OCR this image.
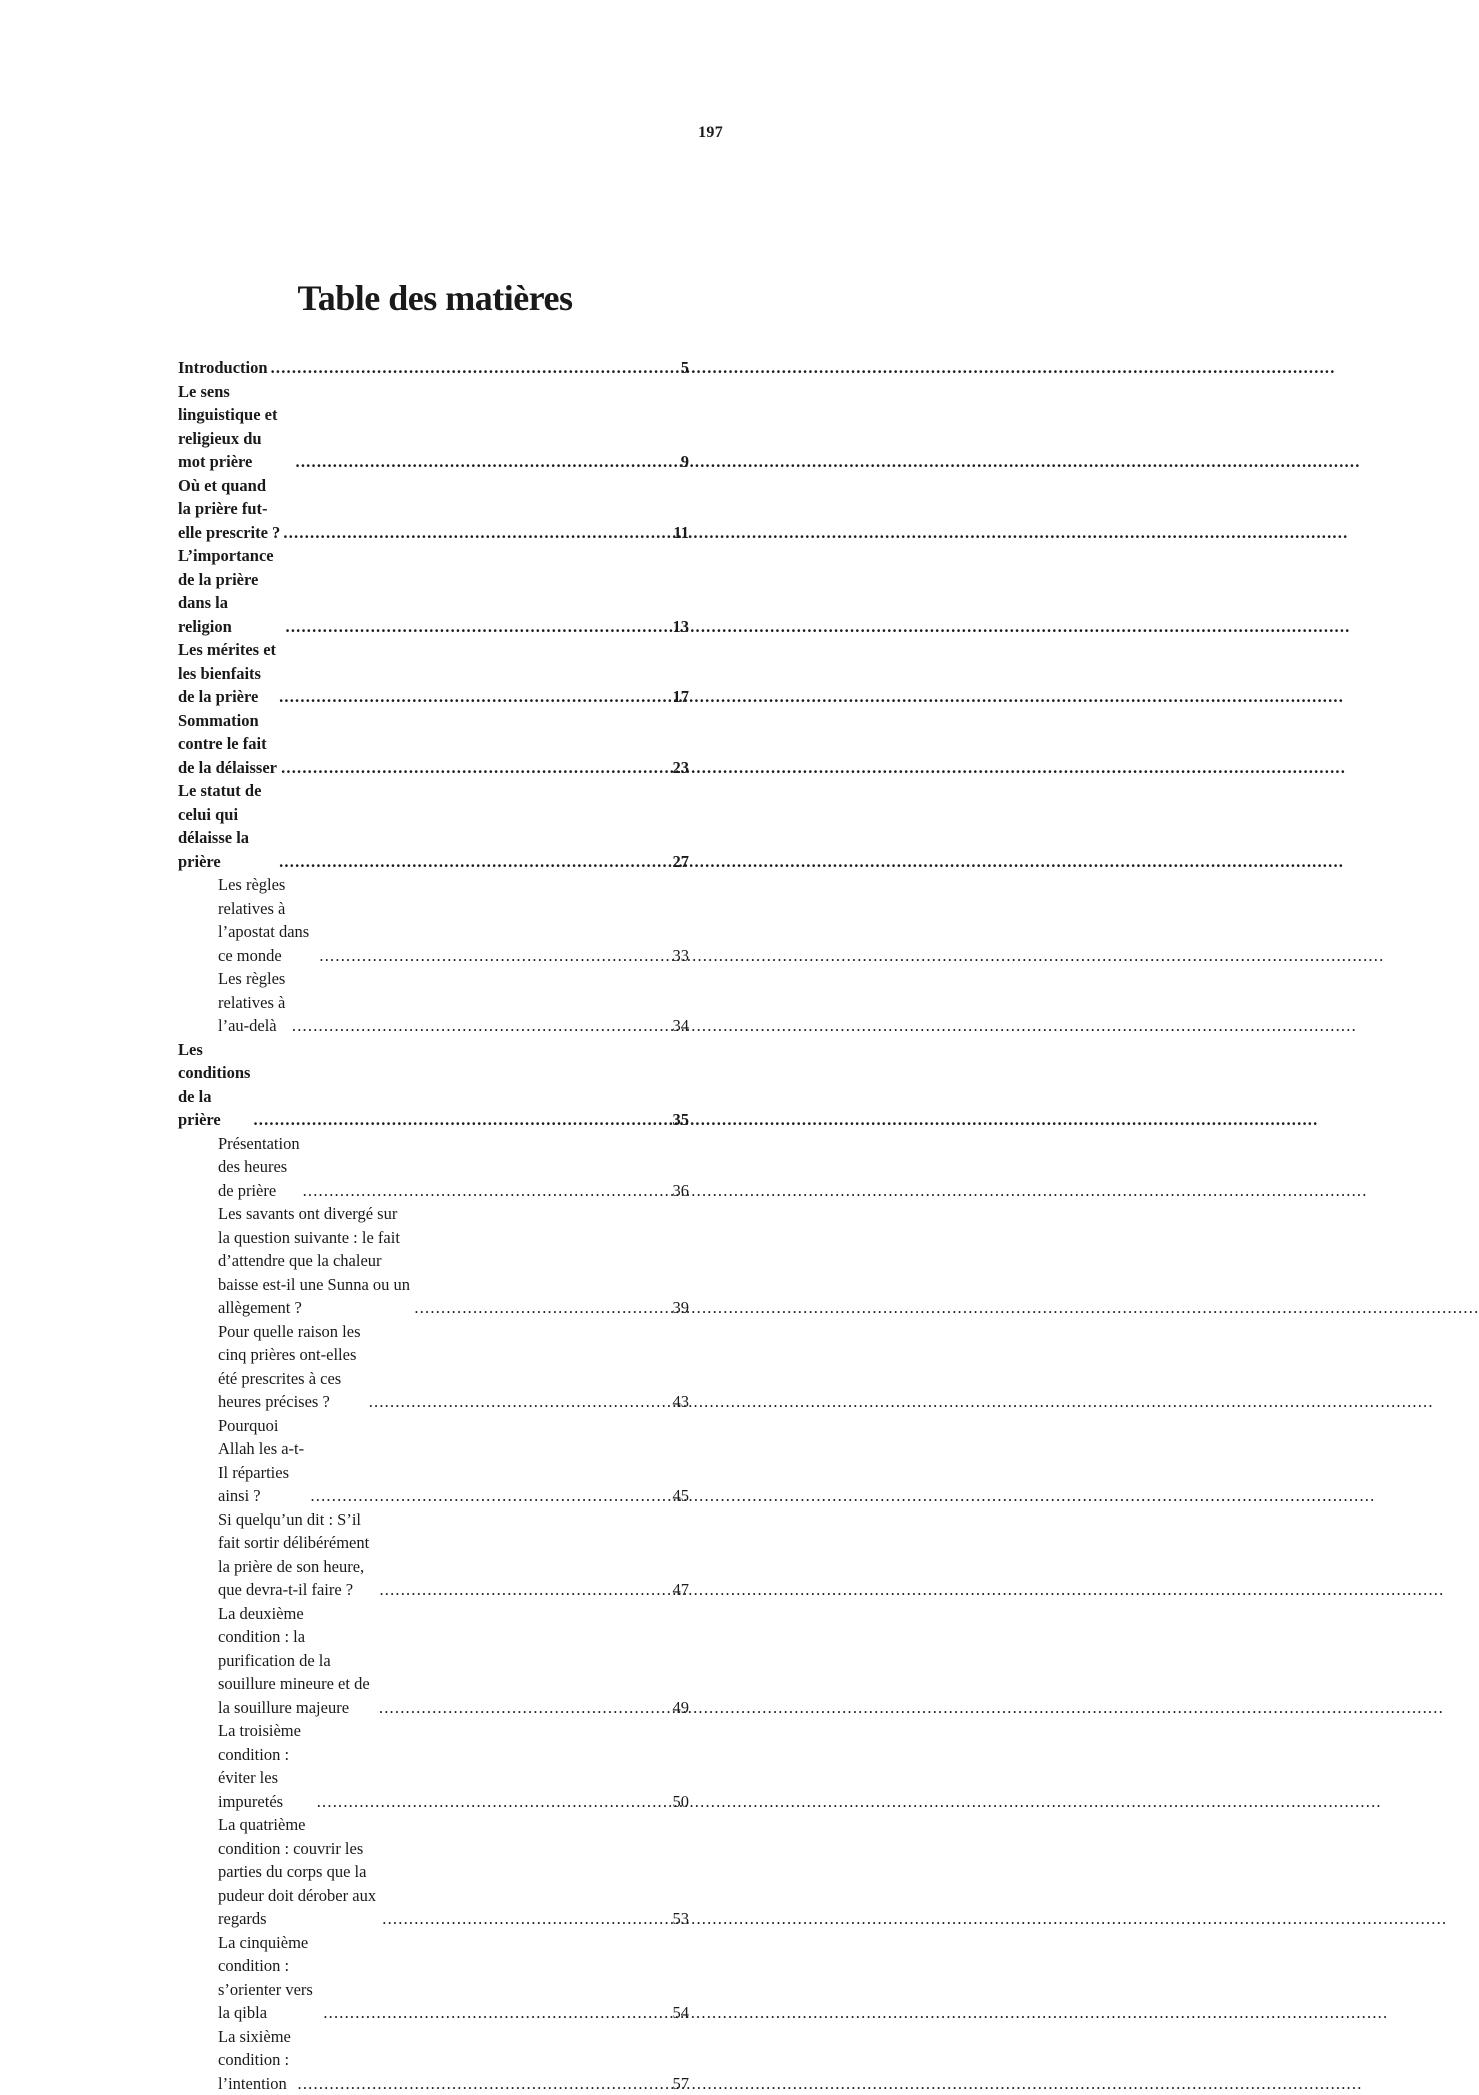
197
Table des matières
Introduction .....	5
Le sens linguistique et religieux du mot prière .....	9
Où et quand la prière fut-elle prescrite ? .....	11
L’importance de la prière dans la religion .....	13
Les mérites et les bienfaits de la prière .....	17
Sommation contre le fait de la délaisser .....	23
Le statut de celui qui délaisse la prière .....	27
Les règles relatives à l’apostat dans ce monde .....	33
Les règles relatives à l’au-delà .....	34
Les conditions de la prière .....	35
Présentation des heures de prière .....	36
Les savants ont divergé sur la question suivante : le fait d’attendre que la chaleur baisse est-il une Sunna ou un allègement ? .....	39
Pour quelle raison les cinq prières ont-elles été prescrites à ces heures précises ? .....	43
Pourquoi Allah les a-t-Il réparties ainsi ? .....	45
Si quelqu’un dit : S’il fait sortir délibérément la prière de son heure, que devra-t-il faire ? .....	47
La deuxième condition : la purification de la souillure mineure et de la souillure majeure .....	49
La troisième condition : éviter les impuretés .....	50
La quatrième condition : couvrir les parties du corps que la pudeur doit dérober aux regards .....	53
La cinquième condition : s’orienter vers la qibla .....	54
La sixième condition : l’intention .....	57
